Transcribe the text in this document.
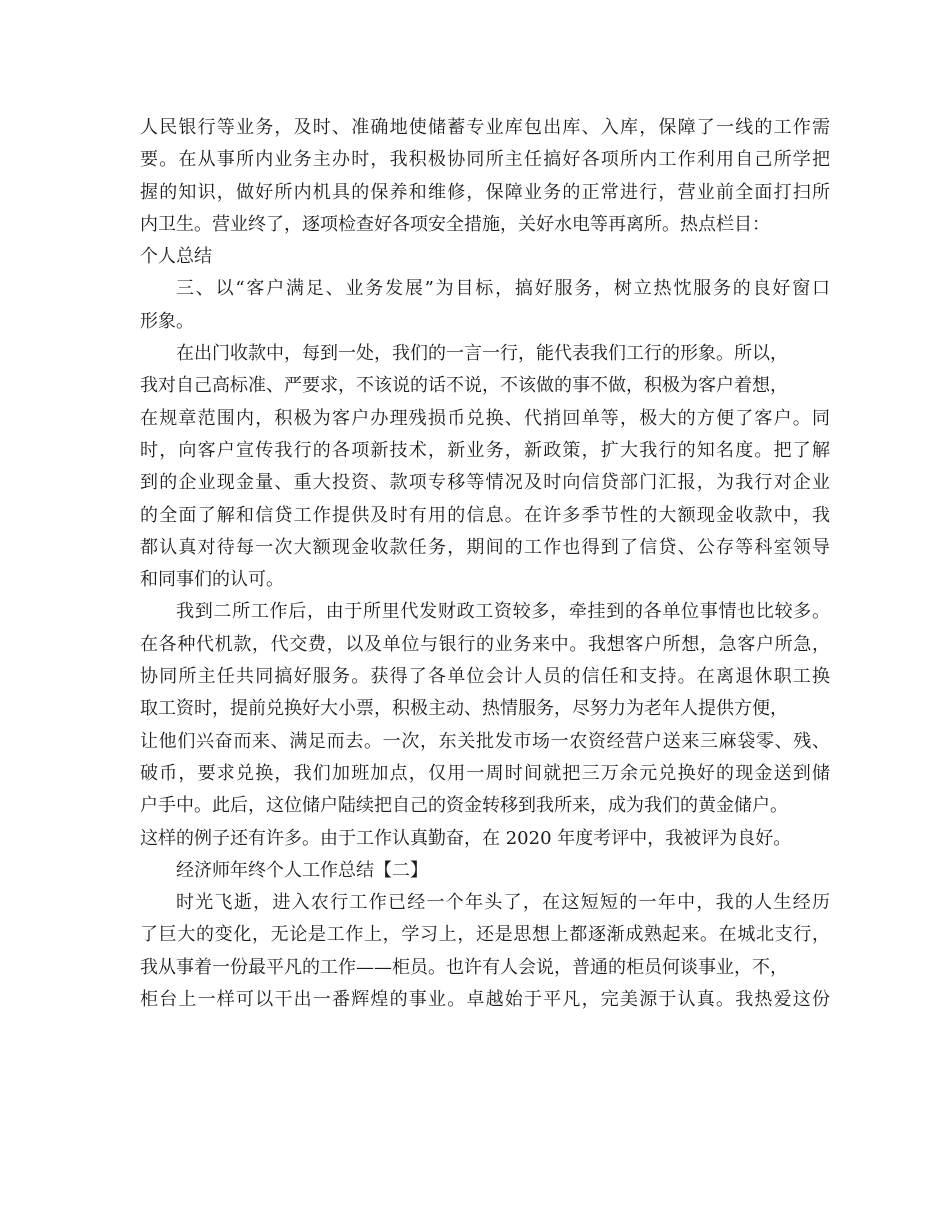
人民银行等业务，及时、准确地使储蓄专业库包出库、入库，保障了一线的工作需
要。在从事所内业务主办时，我积极协同所主任搞好各项所内工作利用自己所学把
握的知识，做好所内机具的保养和维修，保障业务的正常进行，营业前全面打扫所
内卫生。营业终了，逐项检查好各项安全措施，关好水电等再离所。热点栏目：
个人总结
三、以“客户满足、业务发展”为目标，搞好服务，树立热忱服务的良好窗口
形象。
在出门收款中，每到一处，我们的一言一行，能代表我们工行的形象。所以，
我对自己高标准、严要求，不该说的话不说，不该做的事不做，积极为客户着想，
在规章范围内，积极为客户办理残损币兑换、代捎回单等，极大的方便了客户。同
时，向客户宣传我行的各项新技术，新业务，新政策，扩大我行的知名度。把了解
到的企业现金量、重大投资、款项专移等情况及时向信贷部门汇报，为我行对企业
的全面了解和信贷工作提供及时有用的信息。在许多季节性的大额现金收款中，我
都认真对待每一次大额现金收款任务，期间的工作也得到了信贷、公存等科室领导
和同事们的认可。
我到二所工作后，由于所里代发财政工资较多，牵挂到的各单位事情也比较多。
在各种代机款，代交费，以及单位与银行的业务来中。我想客户所想，急客户所急，
协同所主任共同搞好服务。获得了各单位会计人员的信任和支持。在离退休职工换
取工资时，提前兑换好大小票，积极主动、热情服务，尽努力为老年人提供方便，
让他们兴奋而来、满足而去。一次，东关批发市场一农资经营户送来三麻袋零、残、
破币，要求兑换，我们加班加点，仅用一周时间就把三万余元兑换好的现金送到储
户手中。此后，这位储户陆续把自己的资金转移到我所来，成为我们的黄金储户。
这样的例子还有许多。由于工作认真勤奋，在 2020 年度考评中，我被评为良好。
经济师年终个人工作总结【二】
时光飞逝，进入农行工作已经一个年头了，在这短短的一年中，我的人生经历
了巨大的变化，无论是工作上，学习上，还是思想上都逐渐成熟起来。在城北支行，
我从事着一份最平凡的工作——柜员。也许有人会说，普通的柜员何谈事业，不，
柜台上一样可以干出一番辉煌的事业。卓越始于平凡，完美源于认真。我热爱这份
